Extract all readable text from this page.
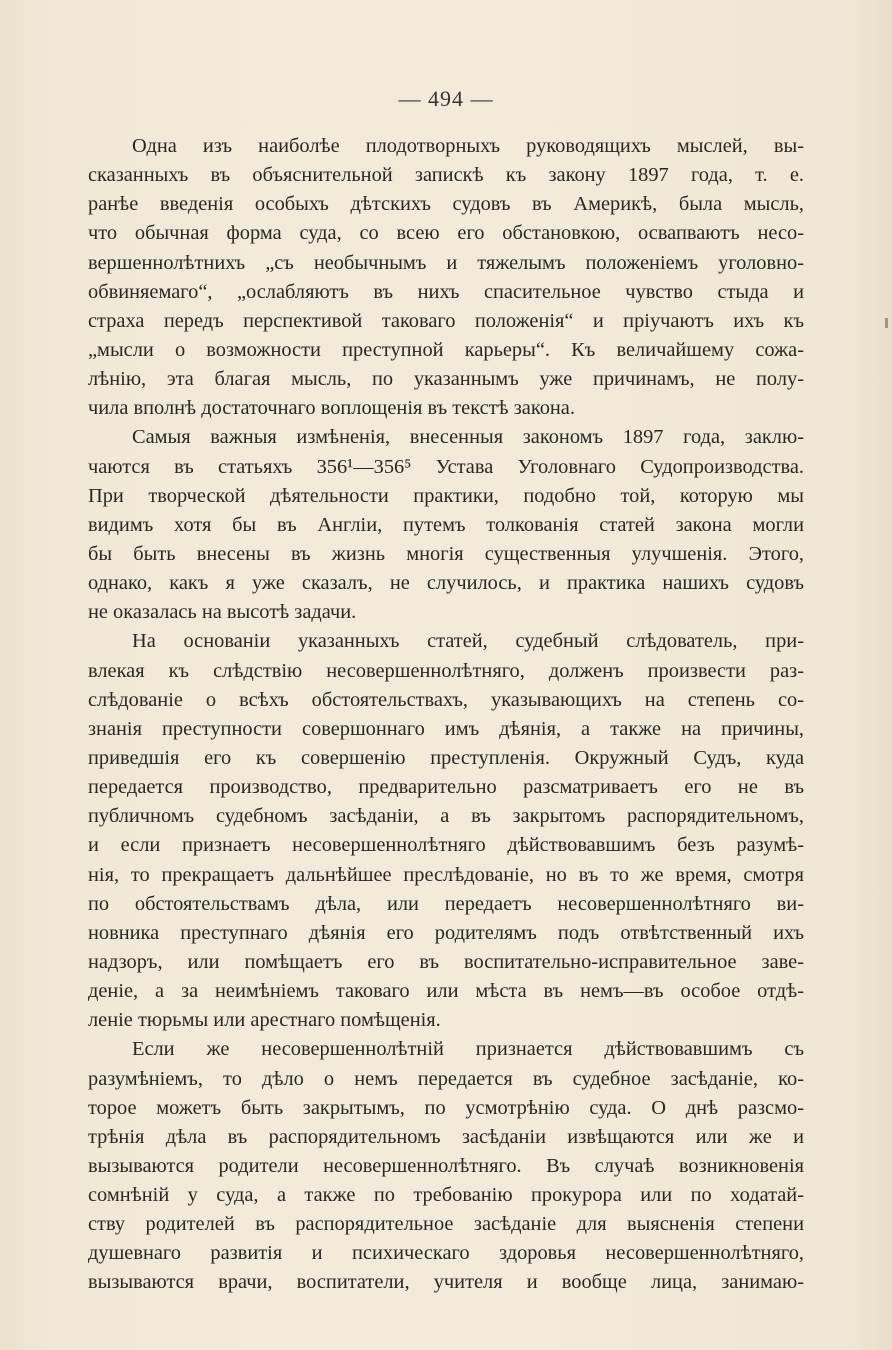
— 494 —
Одна изъ наиболѣе плодотворныхъ руководящихъ мыслей, вы-
сказанныхъ въ объяснительной запискѣ къ закону 1897 года, т. е.
ранѣе введенія особыхъ дѣтскихъ судовъ въ Америкѣ, была мысль,
что обычная форма суда, со всею его обстановкою, освапваютъ несо-
вершеннолѣтнихъ „съ необычнымъ и тяжелымъ положеніемъ уголовно-
обвиняемаго“, „ослабляютъ въ нихъ спасительное чувство стыда и
страха передъ перспективой таковаго положенія“ и пріучаютъ ихъ къ
„мысли о возможности преступной карьеры“. Къ величайшему сожа-
лѣнію, эта благая мысль, по указаннымъ уже причинамъ, не полу-
чила вполнѣ достаточнаго воплощенія въ текстѣ закона.
Самыя важныя измѣненія, внесенныя закономъ 1897 года, заклю-
чаются въ статьяхъ 356¹—356⁵ Устава Уголовнаго Судопроизводства.
При творческой дѣятельности практики, подобно той, которую мы
видимъ хотя бы въ Англіи, путемъ толкованія статей закона могли
бы быть внесены въ жизнь многія существенныя улучшенія. Этого,
однако, какъ я уже сказалъ, не случилось, и практика нашихъ судовъ
не оказалась на высотѣ задачи.
На основаніи указанныхъ статей, судебный слѣдователь, при-
влекая къ слѣдствію несовершеннолѣтняго, долженъ произвести раз-
слѣдованіе о всѣхъ обстоятельствахъ, указывающихъ на степень со-
знанія преступности совершоннаго имъ дѣянія, а также на причины,
приведшія его къ совершенію преступленія. Окружный Судъ, куда
передается производство, предварительно разсматриваетъ его не въ
публичномъ судебномъ засѣданіи, а въ закрытомъ распорядительномъ,
и если признаетъ несовершеннолѣтняго дѣйствовавшимъ безъ разумѣ-
нія, то прекращаетъ дальнѣйшее преслѣдованіе, но въ то же время, смотря
по обстоятельствамъ дѣла, или передаетъ несовершеннолѣтняго ви-
новника преступнаго дѣянія его родителямъ подъ отвѣтственный ихъ
надзоръ, или помѣщаетъ его въ воспитательно-исправительное заве-
деніе, а за неимѣніемъ таковаго или мѣста въ немъ—въ особое отдѣ-
леніе тюрьмы или арестнаго помѣщенія.
Если же несовершеннолѣтній признается дѣйствовавшимъ съ
разумѣніемъ, то дѣло о немъ передается въ судебное засѣданіе, ко-
торое можетъ быть закрытымъ, по усмотрѣнію суда. О днѣ разсмо-
трѣнія дѣла въ распорядительномъ засѣданіи извѣщаются или же и
вызываются родители несовершеннолѣтняго. Въ случаѣ возникновенія
сомнѣній у суда, а также по требованію прокурора или по ходатай-
ству родителей въ распорядительное засѣданіе для выясненія степени
душевнаго развитія и психическаго здоровья несовершеннолѣтняго,
вызываются врачи, воспитатели, учителя и вообще лица, занимаю-
